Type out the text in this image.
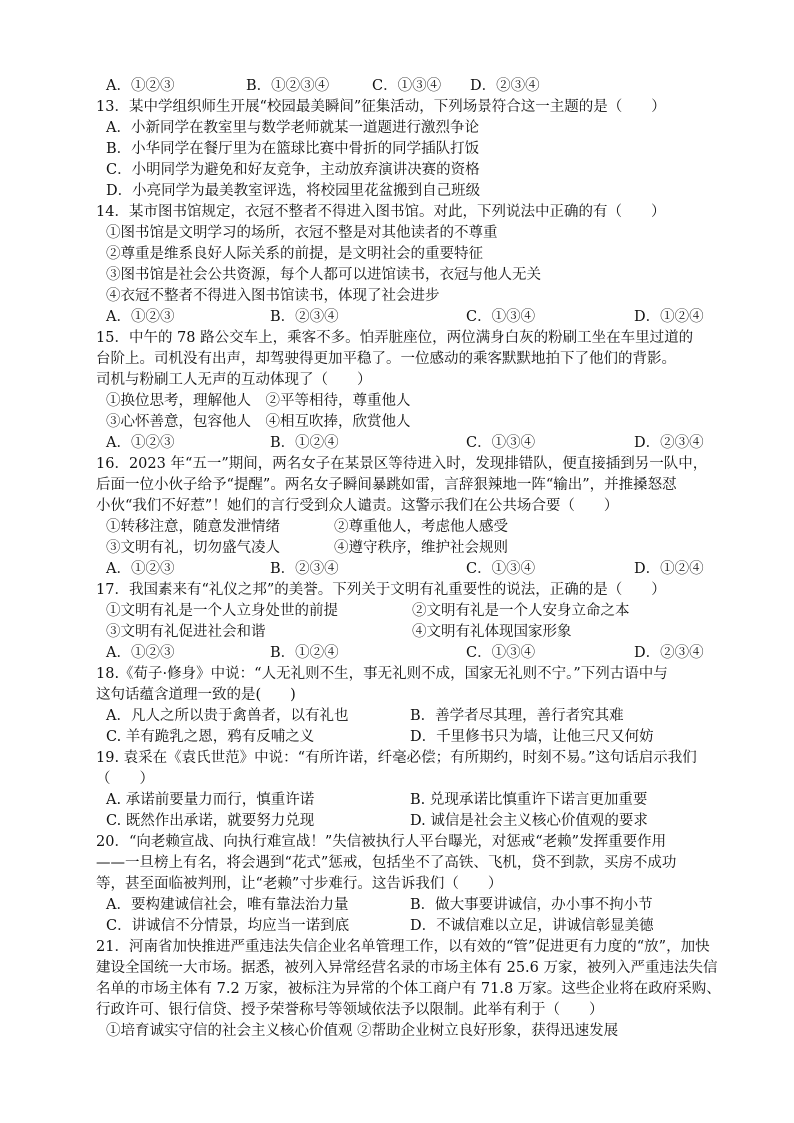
A．①②③	B．①②③④	C．①③④ D．②③④
13．某中学组织师生开展“校园最美瞬间”征集活动，下列场景符合这一主题的是（　　）
A．小新同学在教室里与数学老师就某一道题进行激烈争论
B．小华同学在餐厅里为在篮球比赛中骨折的同学插队打饭
C．小明同学为避免和好友竞争，主动放弃演讲决赛的资格
D．小亮同学为最美教室评选，将校园里花盆搬到自己班级
14．某市图书馆规定，衣冠不整者不得进入图书馆。对此，下列说法中正确的有（　　）
①图书馆是文明学习的场所，衣冠不整是对其他读者的不尊重
②尊重是维系良好人际关系的前提，是文明社会的重要特征
③图书馆是社会公共资源，每个人都可以进馆读书，衣冠与他人无关
④衣冠不整者不得进入图书馆读书，体现了社会进步
A．①②③	B．②③④	C．①③④	D．①②④
15．中午的 78 路公交车上，乘客不多。怕弄脏座位，两位满身白灰的粉刷工坐在车里过道的
台阶上。司机没有出声，却驾驶得更加平稳了。一位感动的乘客默默地拍下了他们的背影。
司机与粉刷工人无声的互动体现了（　　）
①换位思考，理解他人　②平等相待，尊重他人
③心怀善意，包容他人　④相互吹捧，欣赏他人
A．①②③	B．①②④	C．①③④	D．②③④
16．2023 年“五一”期间，两名女子在某景区等待进入时，发现排错队，便直接插到另一队中，
后面一位小伙子给予“提醒”。两名女子瞬间暴跳如雷，言辞狠辣地一阵“输出”，并推搡怒怼
小伙“我们不好惹”！她们的言行受到众人谴责。这警示我们在公共场合要（　　）
①转移注意，随意发泄情绪	②尊重他人，考虑他人感受
③文明有礼，切勿盛气凌人	④遵守秩序，维护社会规则
A．①②③	B．②③④	C．①③④	D．①②④
17．我国素来有“礼仪之邦”的美誉。下列关于文明有礼重要性的说法，正确的是（　　）
①文明有礼是一个人立身处世的前提	②文明有礼是一个人安身立命之本
③文明有礼促进社会和谐	④文明有礼体现国家形象
A．①②③	B．①②④	C．①③④	D．②③④
18.《荀子·修身》中说：“人无礼则不生，事无礼则不成，国家无礼则不宁。”下列古语中与
这句话蕴含道理一致的是(　　)
A．凡人之所以贵于禽兽者，以有礼也	B．善学者尽其理，善行者究其难
C. 羊有跪乳之恩，鸦有反哺之义	D．千里修书只为墙，让他三尺又何妨
19. 袁采在《袁氏世范》中说：“有所许诺，纤毫必偿；有所期约，时刻不易。”这句话启示我们
（　　）
A. 承诺前要量力而行，慎重许诺	B. 兑现承诺比慎重许下诺言更加重要
C. 既然作出承诺，就要努力兑现	D. 诚信是社会主义核心价值观的要求
20．“向老赖宣战、向执行难宣战！”失信被执行人平台曝光，对惩戒“老赖”发挥重要作用
——一旦榜上有名，将会遇到“花式”惩戒，包括坐不了高铁、飞机，贷不到款，买房不成功
等，甚至面临被判刑，让“老赖”寸步难行。这告诉我们（　　）
A．要构建诚信社会，唯有靠法治力量	B．做大事要讲诚信，办小事不拘小节
C．讲诚信不分情景，均应当一诺到底	D．不诚信难以立足，讲诚信彰显美德
21．河南省加快推进严重违法失信企业名单管理工作，以有效的“管”促进更有力度的“放”，加快
建设全国统一大市场。据悉，被列入异常经营名录的市场主体有 25.6 万家，被列入严重违法失信
名单的市场主体有 7.2 万家，被标注为异常的个体工商户有 71.8 万家。这些企业将在政府采购、
行政许可、银行信贷、授予荣誉称号等领域依法予以限制。此举有利于（　　）
①培育诚实守信的社会主义核心价值观 ②帮助企业树立良好形象，获得迅速发展
